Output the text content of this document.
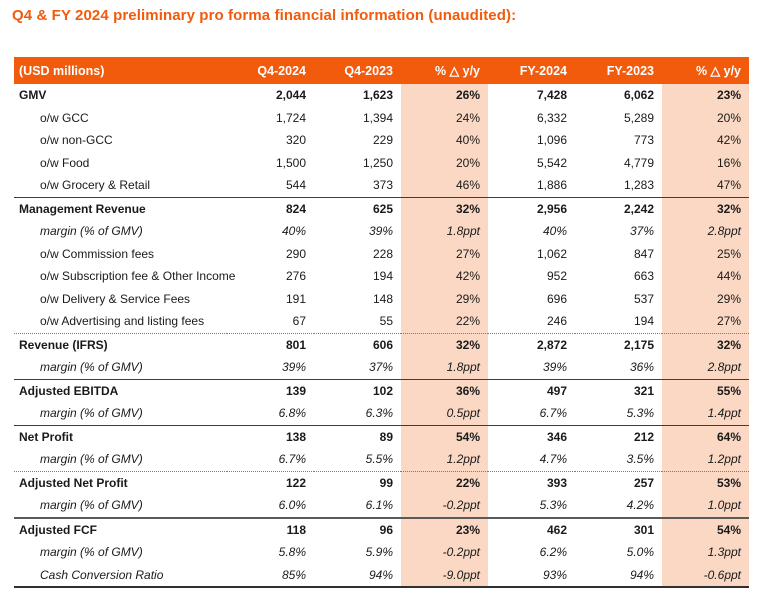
Q4 & FY 2024 preliminary pro forma financial information (unaudited):
(USD millions)	Q4-2024	Q4-2023	% △ y/y	FY-2024	FY-2023	% △ y/y
GMV	2,044	1,623	26%	7,428	6,062	23%
o/w GCC	1,724	1,394	24%	6,332	5,289	20%
o/w non-GCC	320	229	40%	1,096	773	42%
o/w Food	1,500	1,250	20%	5,542	4,779	16%
o/w Grocery & Retail	544	373	46%	1,886	1,283	47%
Management Revenue	824	625	32%	2,956	2,242	32%
margin (% of GMV)	40%	39%	1.8ppt	40%	37%	2.8ppt
o/w Commission fees	290	228	27%	1,062	847	25%
o/w Subscription fee & Other Income	276	194	42%	952	663	44%
o/w Delivery & Service Fees	191	148	29%	696	537	29%
o/w Advertising and listing fees	67	55	22%	246	194	27%
Revenue (IFRS)	801	606	32%	2,872	2,175	32%
margin (% of GMV)	39%	37%	1.8ppt	39%	36%	2.8ppt
Adjusted EBITDA	139	102	36%	497	321	55%
margin (% of GMV)	6.8%	6.3%	0.5ppt	6.7%	5.3%	1.4ppt
Net Profit	138	89	54%	346	212	64%
margin (% of GMV)	6.7%	5.5%	1.2ppt	4.7%	3.5%	1.2ppt
Adjusted Net Profit	122	99	22%	393	257	53%
margin (% of GMV)	6.0%	6.1%	-0.2ppt	5.3%	4.2%	1.0ppt
Adjusted FCF	118	96	23%	462	301	54%
margin (% of GMV)	5.8%	5.9%	-0.2ppt	6.2%	5.0%	1.3ppt
Cash Conversion Ratio	85%	94%	-9.0ppt	93%	94%	-0.6ppt
